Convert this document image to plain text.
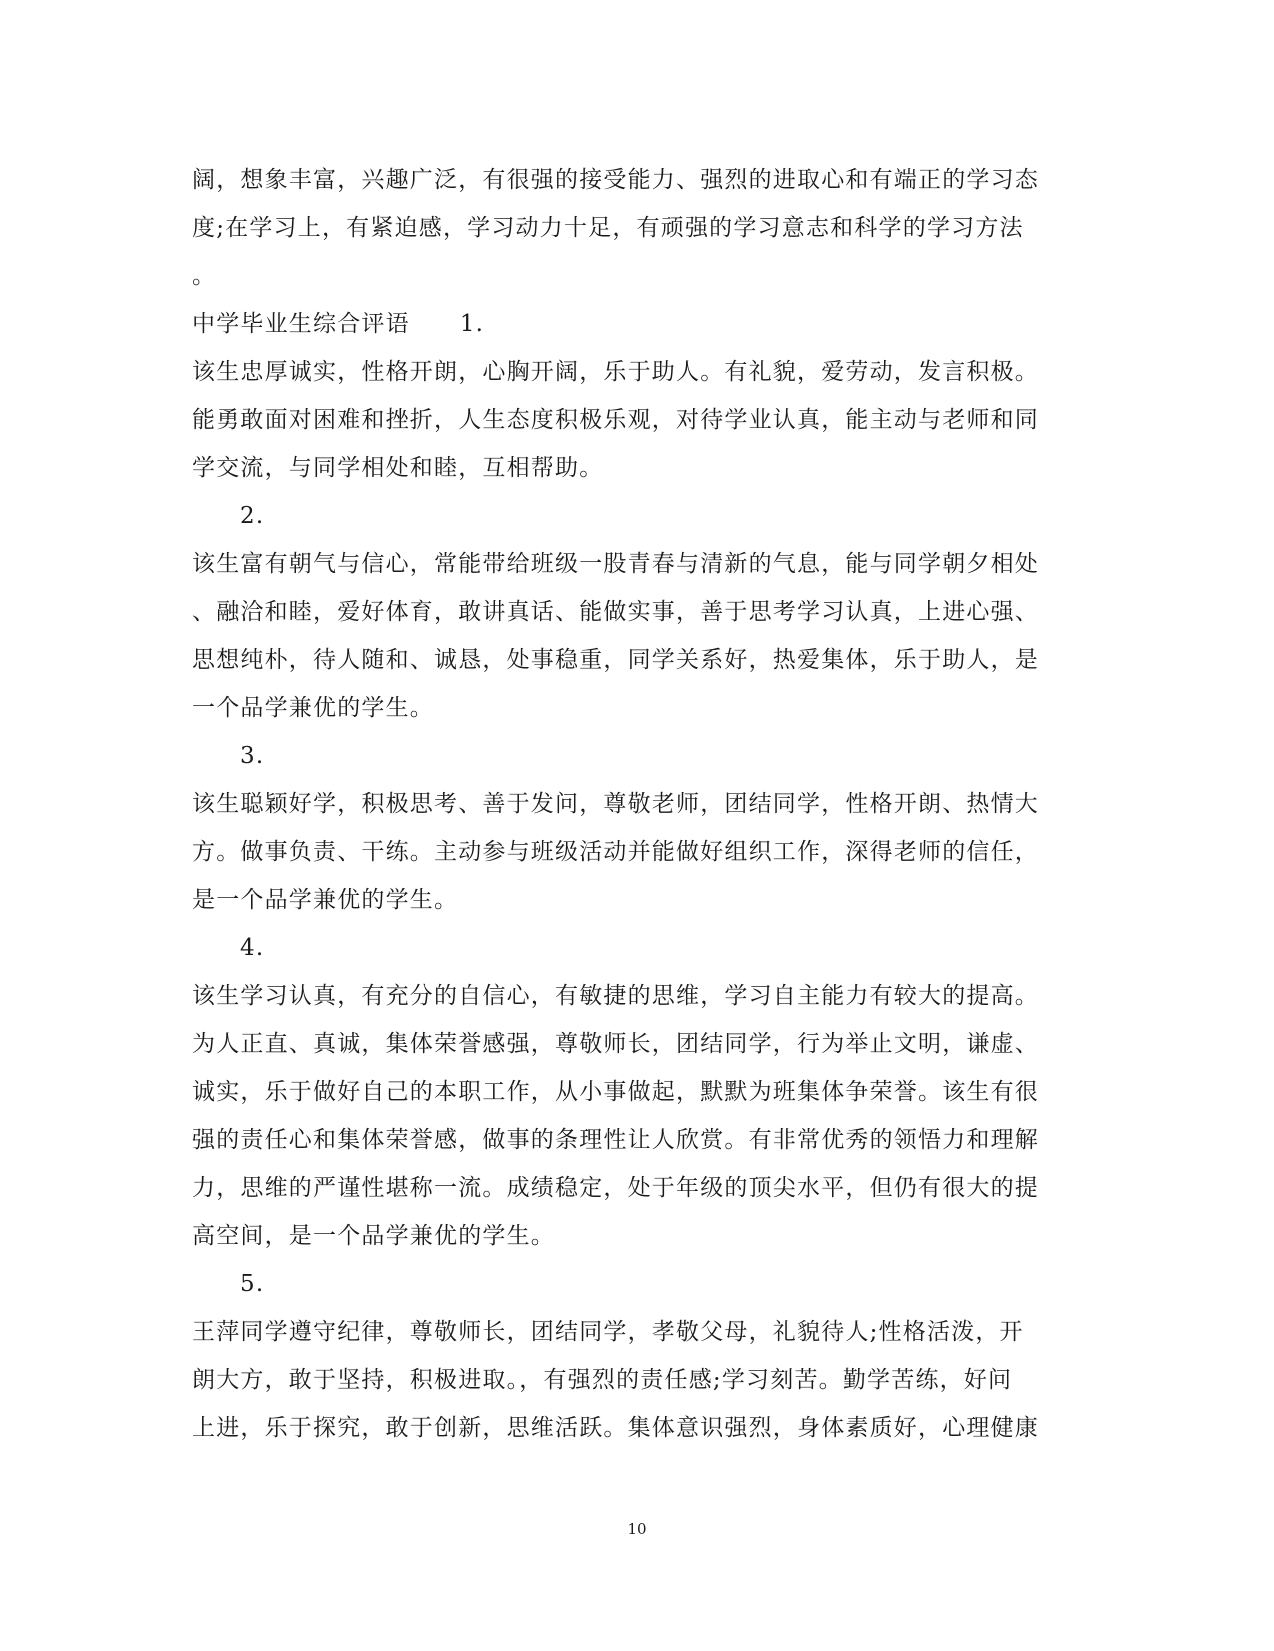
阔，想象丰富，兴趣广泛，有很强的接受能力、强烈的进取心和有端正的学习态
度;在学习上，有紧迫感，学习动力十足，有顽强的学习意志和科学的学习方法
。
中学毕业生综合评语 1.
该生忠厚诚实，性格开朗，心胸开阔，乐于助人。有礼貌，爱劳动，发言积极。
能勇敢面对困难和挫折，人生态度积极乐观，对待学业认真，能主动与老师和同
学交流，与同学相处和睦，互相帮助。
2.
该生富有朝气与信心，常能带给班级一股青春与清新的气息，能与同学朝夕相处
、融洽和睦，爱好体育，敢讲真话、能做实事，善于思考学习认真，上进心强、
思想纯朴，待人随和、诚恳，处事稳重，同学关系好，热爱集体，乐于助人，是
一个品学兼优的学生。
3.
该生聪颖好学，积极思考、善于发问，尊敬老师，团结同学，性格开朗、热情大
方。做事负责、干练。主动参与班级活动并能做好组织工作，深得老师的信任，
是一个品学兼优的学生。
4.
该生学习认真，有充分的自信心，有敏捷的思维，学习自主能力有较大的提高。
为人正直、真诚，集体荣誉感强，尊敬师长，团结同学，行为举止文明，谦虚、
诚实，乐于做好自己的本职工作，从小事做起，默默为班集体争荣誉。该生有很
强的责任心和集体荣誉感，做事的条理性让人欣赏。有非常优秀的领悟力和理解
力，思维的严谨性堪称一流。成绩稳定，处于年级的顶尖水平，但仍有很大的提
高空间，是一个品学兼优的学生。
5.
王萍同学遵守纪律，尊敬师长，团结同学，孝敬父母，礼貌待人;性格活泼，开
朗大方，敢于坚持，积极进取。，有强烈的责任感;学习刻苦。勤学苦练，好问
上进，乐于探究，敢于创新，思维活跃。集体意识强烈，身体素质好，心理健康
10
